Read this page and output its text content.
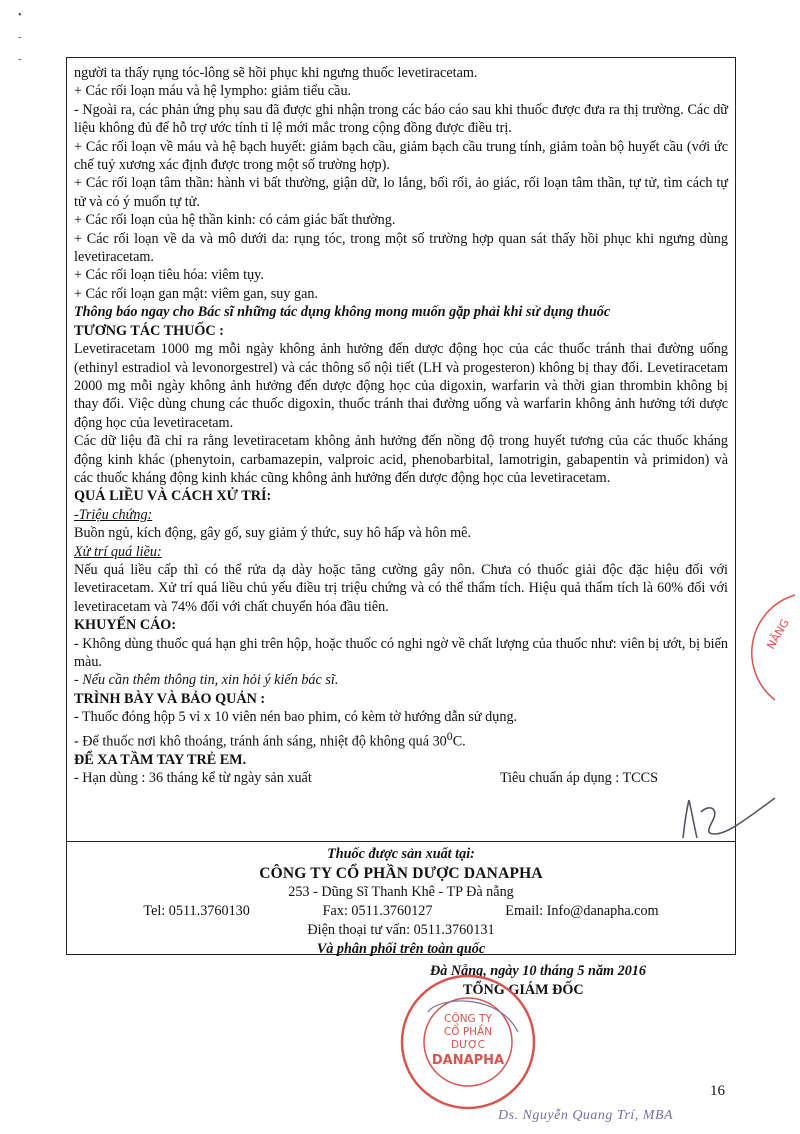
•

-

-

người ta thấy rụng tóc-lông sẽ hồi phục khi ngưng thuốc levetiracetam.

+ Các rối loạn máu và hệ lympho: giảm tiểu cầu.

- Ngoài ra, các phản ứng phụ sau đã được ghi nhận trong các báo cáo sau khi thuốc được đưa ra thị trường. Các dữ liệu không đủ để hỗ trợ ước tính tỉ lệ mới mắc trong cộng đồng được điều trị.

+ Các rối loạn về máu và hệ bạch huyết: giảm bạch cầu, giảm bạch cầu trung tính, giảm toàn bộ huyết cầu (với ức chế tuỷ xương xác định được trong một số trường hợp).

+ Các rối loạn tâm thần: hành vi bất thường, giận dữ, lo lắng, bối rối, ảo giác, rối loạn tâm thần, tự tử, tìm cách tự tử và có ý muốn tự tử.

+ Các rối loạn của hệ thần kinh: có cảm giác bất thường.

+ Các rối loạn về da và mô dưới da: rụng tóc, trong một số trường hợp quan sát thấy hồi phục khi ngưng dùng levetiracetam.

+ Các rối loạn tiêu hóa: viêm tụy.

+ Các rối loạn gan mật: viêm gan, suy gan.

Thông báo ngay cho Bác sĩ những tác dụng không mong muốn gặp phải khi sử dụng thuốc

TƯƠNG TÁC THUỐC :

Levetiracetam 1000 mg mỗi ngày không ảnh hưởng đến dược động học của các thuốc tránh thai đường uống (ethinyl estradiol và levonorgestrel) và các thông số nội tiết (LH và progesteron) không bị thay đổi. Levetiracetam 2000 mg mỗi ngày không ảnh hưởng đến dược động học của digoxin, warfarin và thời gian thrombin không bị thay đổi. Việc dùng chung các thuốc digoxin, thuốc tránh thai đường uống và warfarin không ảnh hưởng tới dược động học của levetiracetam.

Các dữ liệu đã chỉ ra rằng levetiracetam không ảnh hưởng đến nồng độ trong huyết tương của các thuốc kháng động kinh khác (phenytoin, carbamazepin, valproic acid, phenobarbital, lamotrigin, gabapentin và primidon) và các thuốc kháng động kinh khác cũng không ảnh hưởng đến dược động học của levetiracetam.

QUÁ LIỀU VÀ CÁCH XỬ TRÍ:

-Triệu chứng:

Buồn ngủ, kích động, gây gổ, suy giảm ý thức, suy hô hấp và hôn mê.

Xử trí quá liều:

Nếu quá liều cấp thì có thể rửa dạ dày hoặc tăng cường gây nôn. Chưa có thuốc giải độc đặc hiệu đối với levetiracetam. Xử trí quá liều chủ yếu điều trị triệu chứng và có thể thẩm tích. Hiệu quả thẩm tích là 60% đối với levetiracetam và 74% đối với chất chuyển hóa đầu tiên.

KHUYẾN CÁO:

- Không dùng thuốc quá hạn ghi trên hộp, hoặc thuốc có nghi ngờ về chất lượng của thuốc như: viên bị ướt, bị biến màu.

- Nếu cần thêm thông tin, xin hỏi ý kiến bác sĩ.

TRÌNH BÀY VÀ BẢO QUẢN :

- Thuốc đóng hộp 5 vỉ x 10 viên nén bao phim, có kèm tờ hướng dẫn sử dụng.

- Để thuốc nơi khô thoáng, tránh ánh sáng, nhiệt độ không quá $30^0C$.

ĐỂ XA TẦM TAY TRẺ EM.

- Hạn dùng : 36 tháng kể từ ngày sản xuất	Tiêu chuẩn áp dụng : TCCS
Thuốc được sản xuất tại:
CÔNG TY CỔ PHẦN DƯỢC DANAPHA
253 - Dũng Sĩ Thanh Khê - TP Đà nẵng
Tel: 0511.3760130	Fax: 0511.3760127	Email: Info@danapha.com
Điện thoại tư vấn: 0511.3760131
Và phân phối trên toàn quốc
NĂNG
Đà Nẵng, ngày 10 tháng 5 năm 2016
TỔNG GIÁM ĐỐC
CÔNG TY
CỔ PHẦN
DƯỢC
DANAPHA
Ds. Nguyễn Quang Trí, MBA
16
